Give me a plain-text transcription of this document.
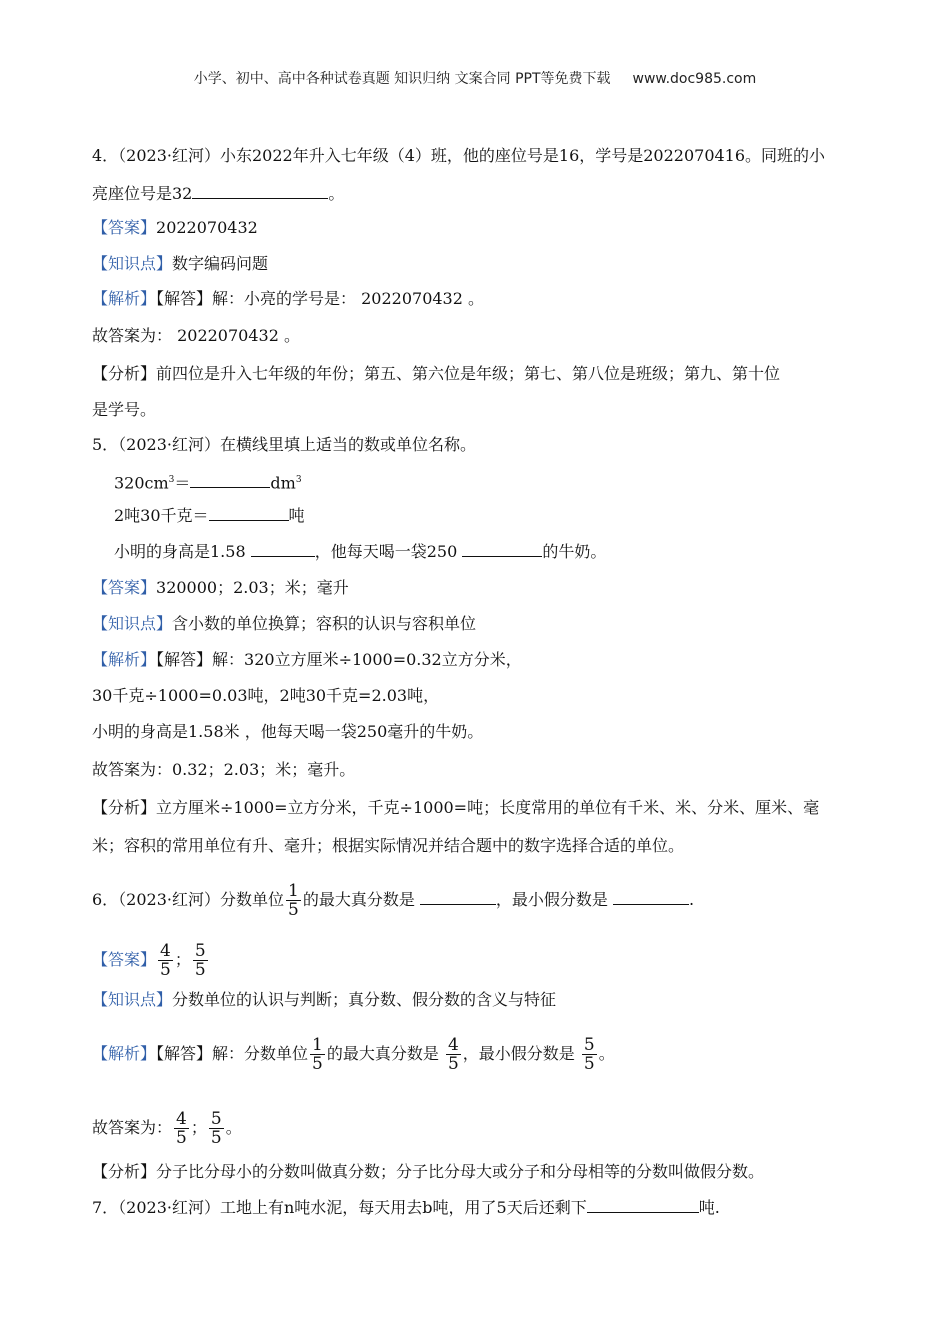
小学、初中、高中各种试卷真题 知识归纳 文案合同 PPT等免费下载 www.doc985.com
4．（2023·红河）小东2022年升入七年级（4）班，他的座位号是16，学号是2022070416。同班的小
亮座位号是32	。
【答案】2022070432
【知识点】数字编码问题
【解析】【解答】解：小亮的学号是： 2022070432 。
故答案为： 2022070432 。
【分析】前四位是升入七年级的年份；第五、第六位是年级；第七、第八位是班级；第九、第十位
是学号。
5．（2023·红河）在横线里填上适当的数或单位名称。
$320cm^3=$	$dm^3$
2吨30千克＝	吨
小明的身高是1.58	，他每天喝一袋250	的牛奶。
【答案】320000；2.03；米；毫升
【知识点】含小数的单位换算；容积的认识与容积单位
【解析】【解答】解：320立方厘米÷1000=0.32立方分米，
30千克÷1000=0.03吨，2吨30千克=2.03吨，
小明的身高是1.58米 ，他每天喝一袋250毫升的牛奶。
故答案为：0.32；2.03；米；毫升。
【分析】立方厘米÷1000=立方分米，千克÷1000=吨；长度常用的单位有千米、米、分米、厘米、毫
米；容积的常用单位有升、毫升；根据实际情况并结合题中的数字选择合适的单位。
6．（2023·红河）分数单位 $\frac{1}{5}$ 的最大真分数是	，最小假分数是	.
【答案】 $\frac{4}{5}$ ； $\frac{5}{5}$
【知识点】分数单位的认识与判断；真分数、假分数的含义与特征
【解析】【解答】解：分数单位 $\frac{1}{5}$ 的最大真分数是 $\frac{4}{5}$ ，最小假分数是 $\frac{5}{5}$ 。
故答案为： $\frac{4}{5}$ ； $\frac{5}{5}$ 。
【分析】分子比分母小的分数叫做真分数；分子比分母大或分子和分母相等的分数叫做假分数。
7．（2023·红河）工地上有n吨水泥，每天用去b吨，用了5天后还剩下	吨.
